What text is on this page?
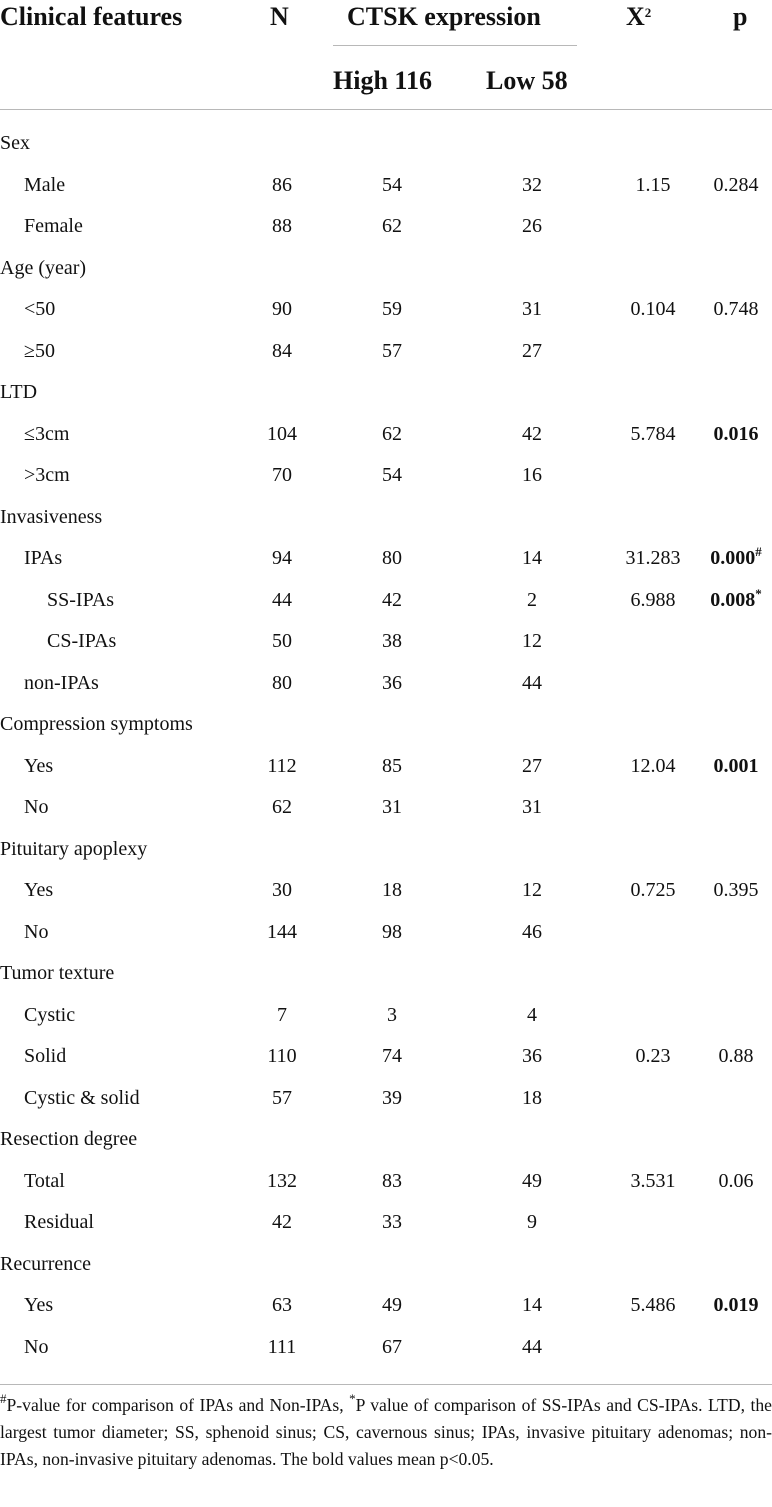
Clinical features	N CTSK expression
High 116 Low 58
$X^2$	p
Sex
Male	86	54	32	1.15	0.284
Female	88	62	26
Age (year)
<50	90	59	31	0.104	0.748
≥50	84	57	27
LTD
≤3cm	104	62	42	5.784	0.016
>3cm	70	54	16
Invasiveness
IPAs	94	80	14	31.283	0.000#
SS-IPAs	44	42	2	6.988	0.008*
CS-IPAs	50	38	12
non-IPAs	80	36	44
Compression symptoms
Yes	112	85	27	12.04	0.001
No	62	31	31
Pituitary apoplexy
Yes	30	18	12	0.725	0.395
No	144	98	46
Tumor texture
Cystic	7	3	4
Solid	110	74	36	0.23	0.88
Cystic & solid	57	39	18
Resection degree
Total	132	83	49	3.531	0.06
Residual	42	33	9
Recurrence
Yes	63	49	14	5.486	0.019
No	111	67	44
#P-value for comparison of IPAs and Non-IPAs, *P value of comparison of SS-IPAs and CS-IPAs. LTD, the largest tumor diameter; SS, sphenoid sinus; CS, cavernous sinus; IPAs, invasive pituitary adenomas; non-IPAs, non-invasive pituitary adenomas. The bold values mean p<0.05.
